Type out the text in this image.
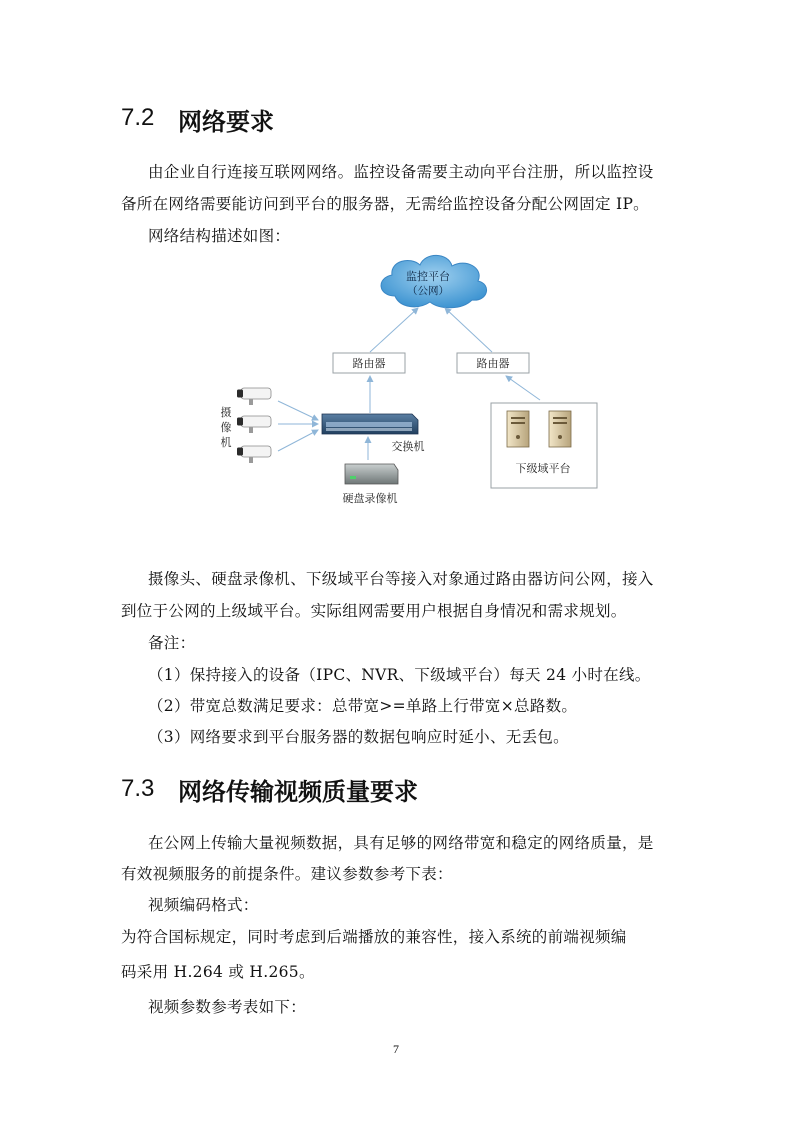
7.2 网络要求
由企业自行连接互联网网络。监控设备需要主动向平台注册，所以监控设
备所在网络需要能访问到平台的服务器，无需给监控设备分配公网固定 IP。
网络结构描述如图：
监控平台
（公网）
路由器	路由器
摄
像
机	交换机
硬盘录像机
下级域平台
摄像头、硬盘录像机、下级域平台等接入对象通过路由器访问公网，接入
到位于公网的上级域平台。实际组网需要用户根据自身情况和需求规划。
备注：
（1）保持接入的设备（IPC、NVR、下级域平台）每天 24 小时在线。
（2）带宽总数满足要求：总带宽>=单路上行带宽×总路数。
（3）网络要求到平台服务器的数据包响应时延小、无丢包。
7.3 网络传输视频质量要求
在公网上传输大量视频数据，具有足够的网络带宽和稳定的网络质量，是
有效视频服务的前提条件。建议参数参考下表：
视频编码格式：
为符合国标规定，同时考虑到后端播放的兼容性，接入系统的前端视频编
码采用 H.264 或 H.265。
视频参数参考表如下：
7
